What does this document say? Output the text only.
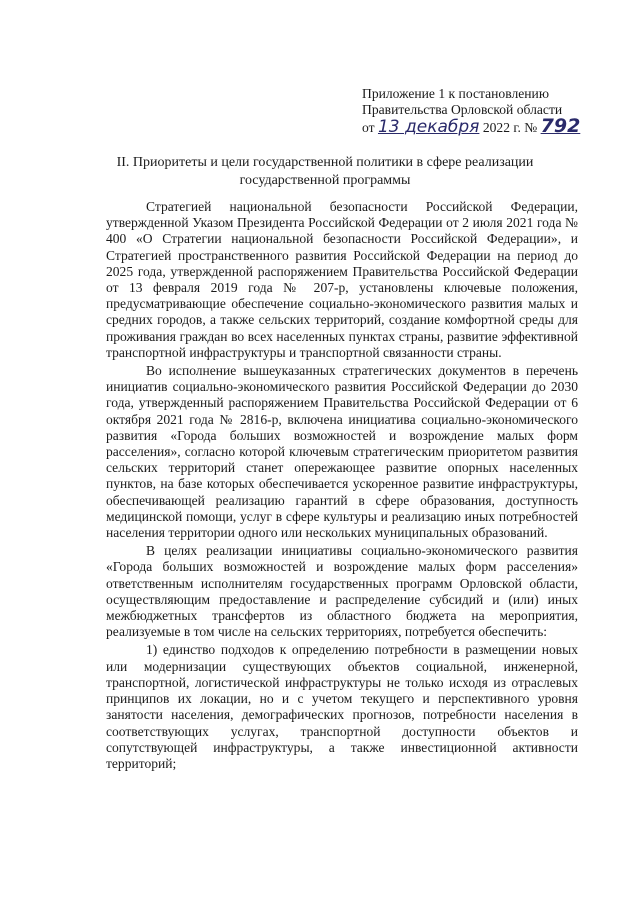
Приложение 1 к постановлению
Правительства Орловской области
от 13 декабря 2022 г. № 792
II. Приоритеты и цели государственной политики в сфере реализации государственной программы

Стратегией национальной безопасности Российской Федерации, утвержденной Указом Президента Российской Федерации от 2 июля 2021 года № 400 «О Стратегии национальной безопасности Российской Федерации», и Стратегией пространственного развития Российской Федерации на период до 2025 года, утвержденной распоряжением Правительства Российской Федерации от 13 февраля 2019 года № 207-р, установлены ключевые положения, предусматривающие обеспечение социально-экономического развития малых и средних городов, а также сельских территорий, создание комфортной среды для проживания граждан во всех населенных пунктах страны, развитие эффективной транспортной инфраструктуры и транспортной связанности страны.

Во исполнение вышеуказанных стратегических документов в перечень инициатив социально-экономического развития Российской Федерации до 2030 года, утвержденный распоряжением Правительства Российской Федерации от 6 октября 2021 года № 2816-р, включена инициатива социально-экономического развития «Города больших возможностей и возрождение малых форм расселения», согласно которой ключевым стратегическим приоритетом развития сельских территорий станет опережающее развитие опорных населенных пунктов, на базе которых обеспечивается ускоренное развитие инфраструктуры, обеспечивающей реализацию гарантий в сфере образования, доступность медицинской помощи, услуг в сфере культуры и реализацию иных потребностей населения территории одного или нескольких муниципальных образований.

В целях реализации инициативы социально-экономического развития «Города больших возможностей и возрождение малых форм расселения» ответственным исполнителям государственных программ Орловской области, осуществляющим предоставление и распределение субсидий и (или) иных межбюджетных трансфертов из областного бюджета на мероприятия, реализуемые в том числе на сельских территориях, потребуется обеспечить:

1) единство подходов к определению потребности в размещении новых или модернизации существующих объектов социальной, инженерной, транспортной, логистической инфраструктуры не только исходя из отраслевых принципов их локации, но и с учетом текущего и перспективного уровня занятости населения, демографических прогнозов, потребности населения в соответствующих услугах, транспортной доступности объектов и сопутствующей инфраструктуры, а также инвестиционной активности территорий;
